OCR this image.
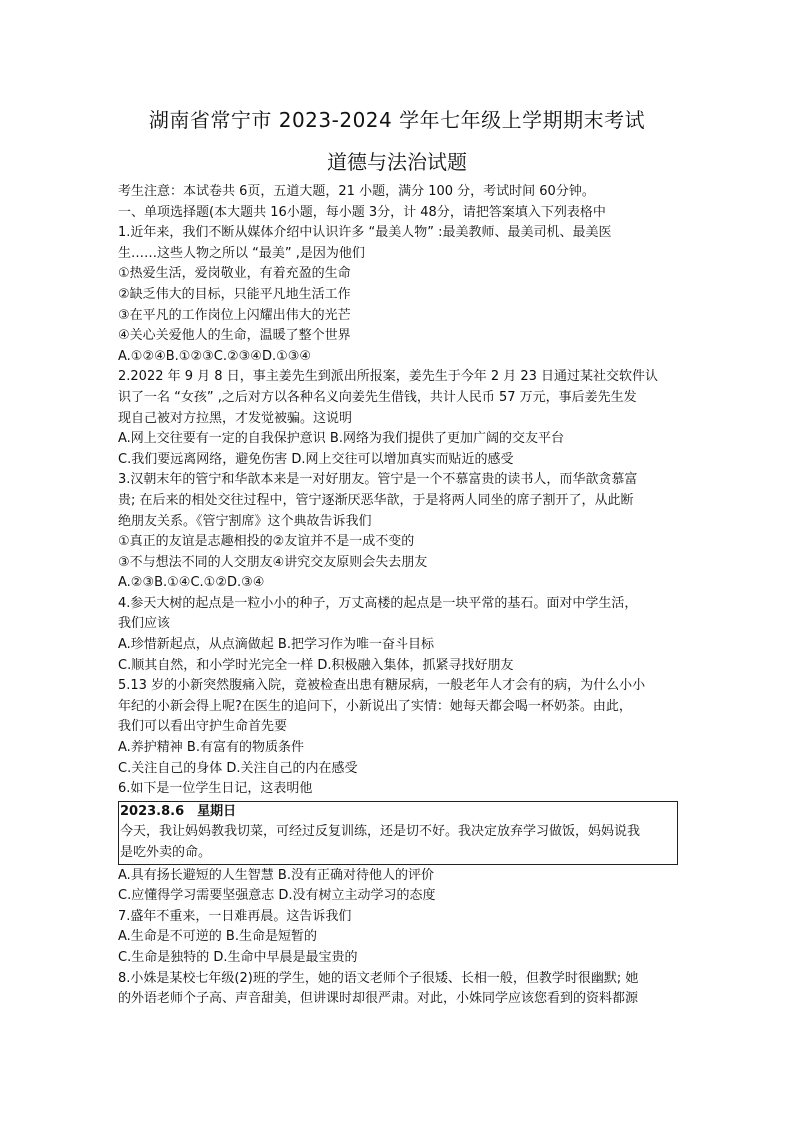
湖南省常宁市 2023-2024 学年七年级上学期期末考试
道德与法治试题
考生注意：本试卷共 6页，五道大题，21 小题，满分 100 分，考试时间 60分钟。
一、单项选择题(本大题共 16小题，每小题 3分，计 48分，请把答案填入下列表格中
1.近年来，我们不断从媒体介绍中认识许多 “最美人物” :最美教师、最美司机、最美医
生……这些人物之所以 “最美” ,是因为他们
①热爱生活，爱岗敬业，有着充盈的生命
②缺乏伟大的目标，只能平凡地生活工作
③在平凡的工作岗位上闪耀出伟大的光芒
④关心关爱他人的生命，温暖了整个世界
A.①②④B.①②③C.②③④D.①③④
2.2022 年 9 月 8 日，事主姜先生到派出所报案，姜先生于今年 2 月 23 日通过某社交软件认
识了一名 “女孩” ,之后对方以各种名义向姜先生借钱，共计人民币 57 万元，事后姜先生发
现自己被对方拉黑，才发觉被骗。这说明
A.网上交往要有一定的自我保护意识 B.网络为我们提供了更加广阔的交友平台
C.我们要远离网络，避免伤害 D.网上交往可以增加真实而贴近的感受
3.汉朝末年的管宁和华歆本来是一对好朋友。管宁是一个不慕富贵的读书人，而华歆贪慕富
贵; 在后来的相处交往过程中，管宁逐渐厌恶华歆，于是将两人同坐的席子割开了，从此断
绝朋友关系。《管宁割席》这个典故告诉我们
①真正的友谊是志趣相投的②友谊并不是一成不变的
③不与想法不同的人交朋友④讲究交友原则会失去朋友
A.②③B.①④C.①②D.③④
4.参天大树的起点是一粒小小的种子，万丈高楼的起点是一块平常的基石。面对中学生活，
我们应该
A.珍惜新起点，从点滴做起 B.把学习作为唯一奋斗目标
C.顺其自然，和小学时光完全一样 D.积极融入集体，抓紧寻找好朋友
5.13 岁的小新突然腹痛入院，竟被检查出患有糖尿病，一般老年人才会有的病，为什么小小
年纪的小新会得上呢?在医生的追问下，小新说出了实情：她每天都会喝一杯奶茶。由此，
我们可以看出守护生命首先要
A.养护精神 B.有富有的物质条件
C.关注自己的身体 D.关注自己的内在感受
6.如下是一位学生日记，这表明他
2023.8.6　星期日
今天，我让妈妈教我切菜，可经过反复训练，还是切不好。我决定放弃学习做饭，妈妈说我
是吃外卖的命。
A.具有扬长避短的人生智慧 B.没有正确对待他人的评价
C.应懂得学习需要坚强意志 D.没有树立主动学习的态度
7.盛年不重来，一日难再晨。这告诉我们
A.生命是不可逆的 B.生命是短暂的
C.生命是独特的 D.生命中早晨是最宝贵的
8.小姝是某校七年级(2)班的学生，她的语文老师个子很矮、长相一般，但教学时很幽默; 她
的外语老师个子高、声音甜美，但讲课时却很严肃。对此，小姝同学应该您看到的资料都源
